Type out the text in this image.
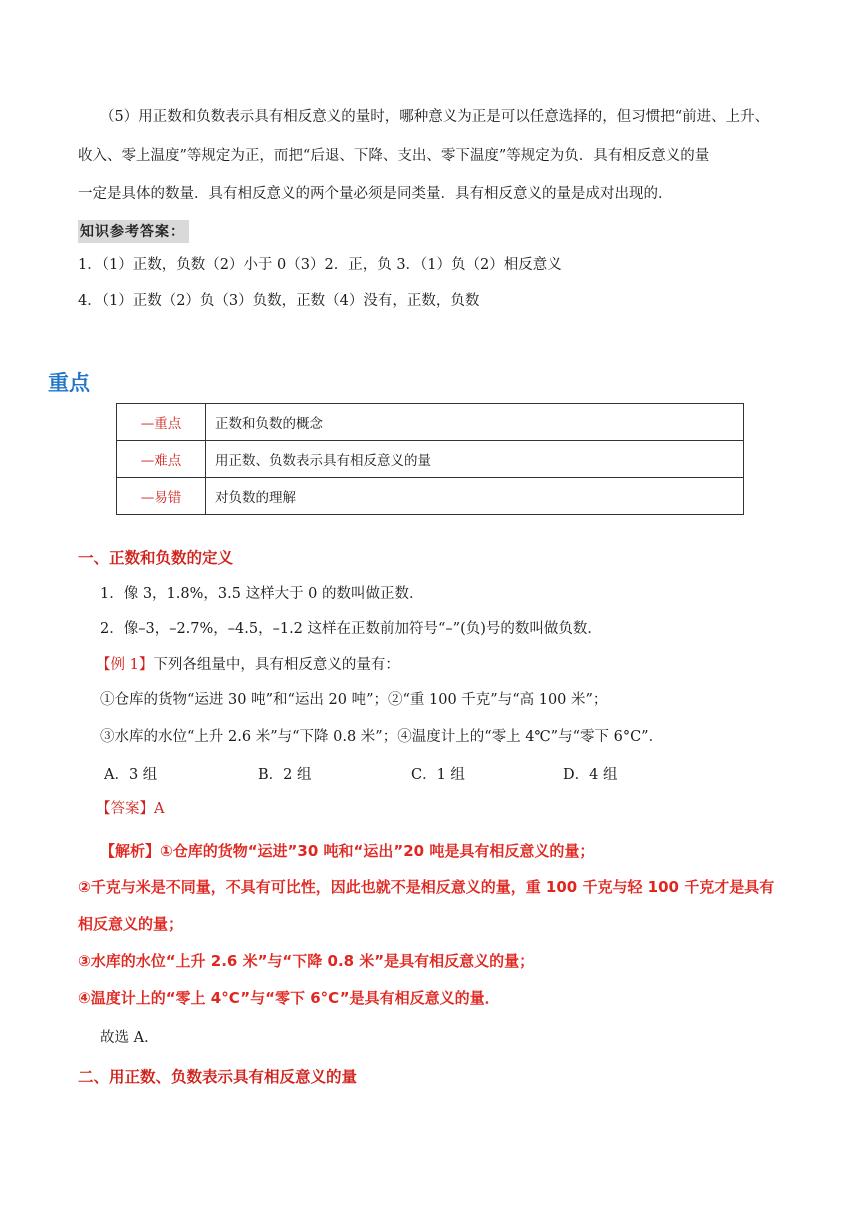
（5）用正数和负数表示具有相反意义的量时，哪种意义为正是可以任意选择的，但习惯把“前进、上升、
收入、零上温度”等规定为正，而把“后退、下降、支出、零下温度”等规定为负．具有相反意义的量
一定是具体的数量．具有相反意义的两个量必须是同类量．具有相反意义的量是成对出现的．
知识参考答案：
1．（1）正数，负数（2）小于 0（3）2．正，负 3．（1）负（2）相反意义
4．（1）正数（2）负（3）负数，正数（4）没有，正数，负数
重点
—重点	正数和负数的概念
—难点	用正数、负数表示具有相反意义的量
—易错	对负数的理解
一、正数和负数的定义
1．像 3，1.8%，3.5 这样大于 0 的数叫做正数．
2．像–3，–2.7%，–4.5，–1.2 这样在正数前加符号“–”(负)号的数叫做负数．
【例 1】下列各组量中，具有相反意义的量有：
①仓库的货物“运进 30 吨”和“运出 20 吨”；②“重 100 千克”与“高 100 米”；
③水库的水位“上升 2.6 米”与“下降 0.8 米”；④温度计上的“零上 4℃”与“零下 6°C”．
A．3 组	B．2 组	C．1 组	D．4 组
【答案】A
【解析】①仓库的货物“运进”30 吨和“运出”20 吨是具有相反意义的量；
②千克与米是不同量，不具有可比性，因此也就不是相反意义的量，重 100 千克与轻 100 千克才是具有
相反意义的量；
③水库的水位“上升 2.6 米”与“下降 0.8 米”是具有相反意义的量；
④温度计上的“零上 4°C”与“零下 6°C”是具有相反意义的量．
故选 A．
二、用正数、负数表示具有相反意义的量
